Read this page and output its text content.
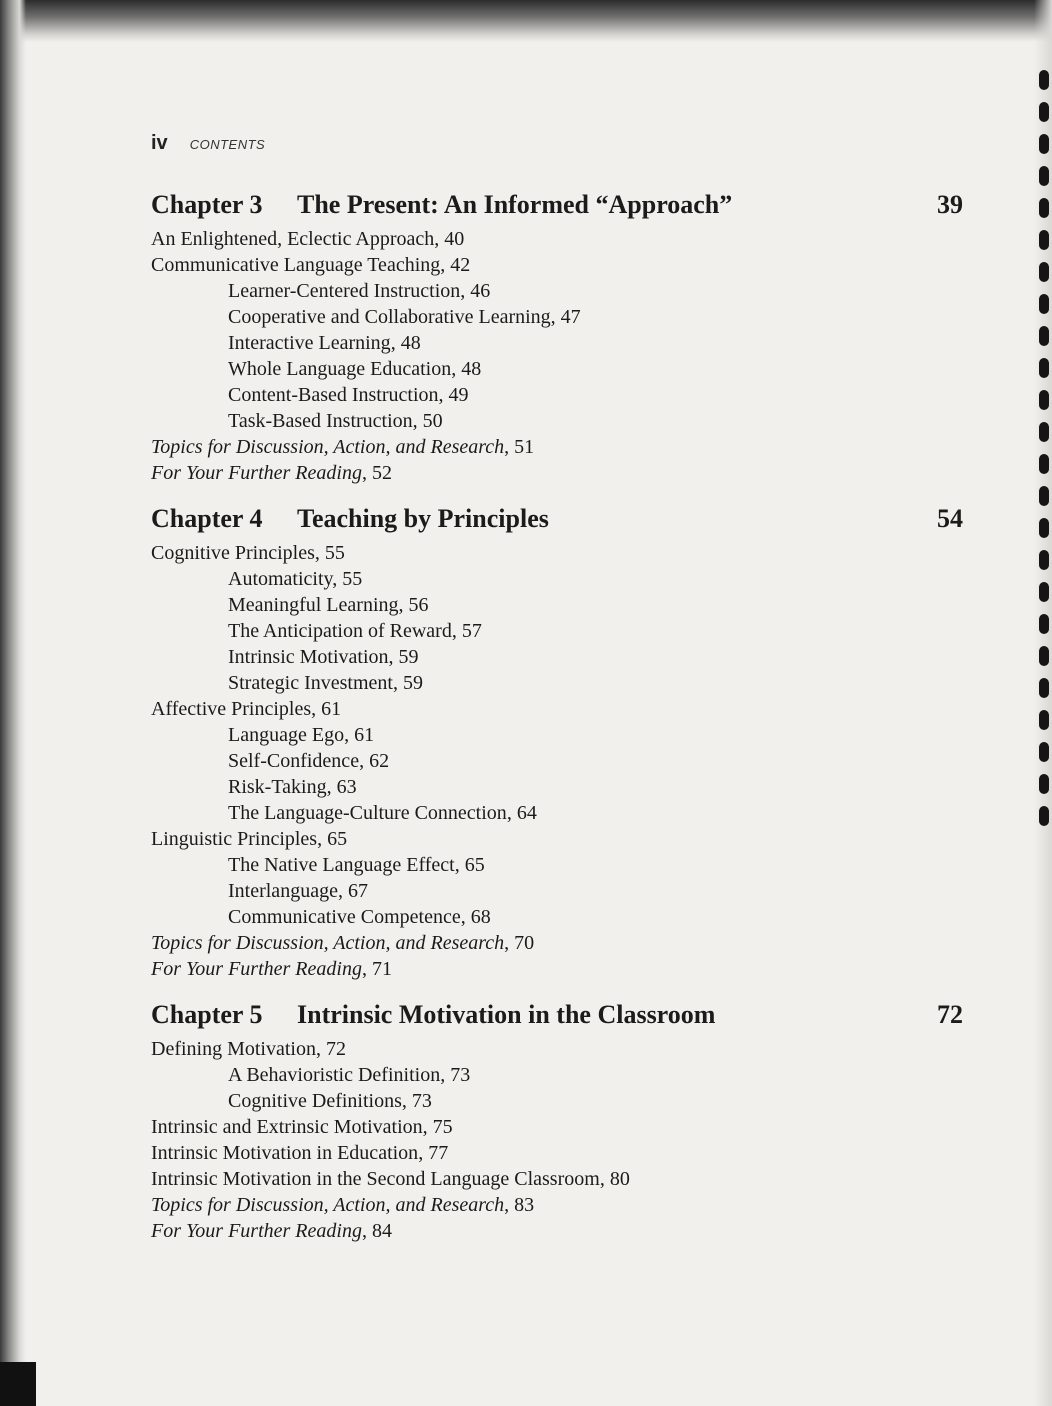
iv CONTENTS
Chapter 3	The Present: An Informed “Approach”	39
An Enlightened, Eclectic Approach, 40
Communicative Language Teaching, 42
Learner-Centered Instruction, 46
Cooperative and Collaborative Learning, 47
Interactive Learning, 48
Whole Language Education, 48
Content-Based Instruction, 49
Task-Based Instruction, 50
Topics for Discussion, Action, and Research, 51
For Your Further Reading, 52
Chapter 4	Teaching by Principles	54
Cognitive Principles, 55
Automaticity, 55
Meaningful Learning, 56
The Anticipation of Reward, 57
Intrinsic Motivation, 59
Strategic Investment, 59
Affective Principles, 61
Language Ego, 61
Self-Confidence, 62
Risk-Taking, 63
The Language-Culture Connection, 64
Linguistic Principles, 65
The Native Language Effect, 65
Interlanguage, 67
Communicative Competence, 68
Topics for Discussion, Action, and Research, 70
For Your Further Reading, 71
Chapter 5	Intrinsic Motivation in the Classroom	72
Defining Motivation, 72
A Behavioristic Definition, 73
Cognitive Definitions, 73
Intrinsic and Extrinsic Motivation, 75
Intrinsic Motivation in Education, 77
Intrinsic Motivation in the Second Language Classroom, 80
Topics for Discussion, Action, and Research, 83
For Your Further Reading, 84
